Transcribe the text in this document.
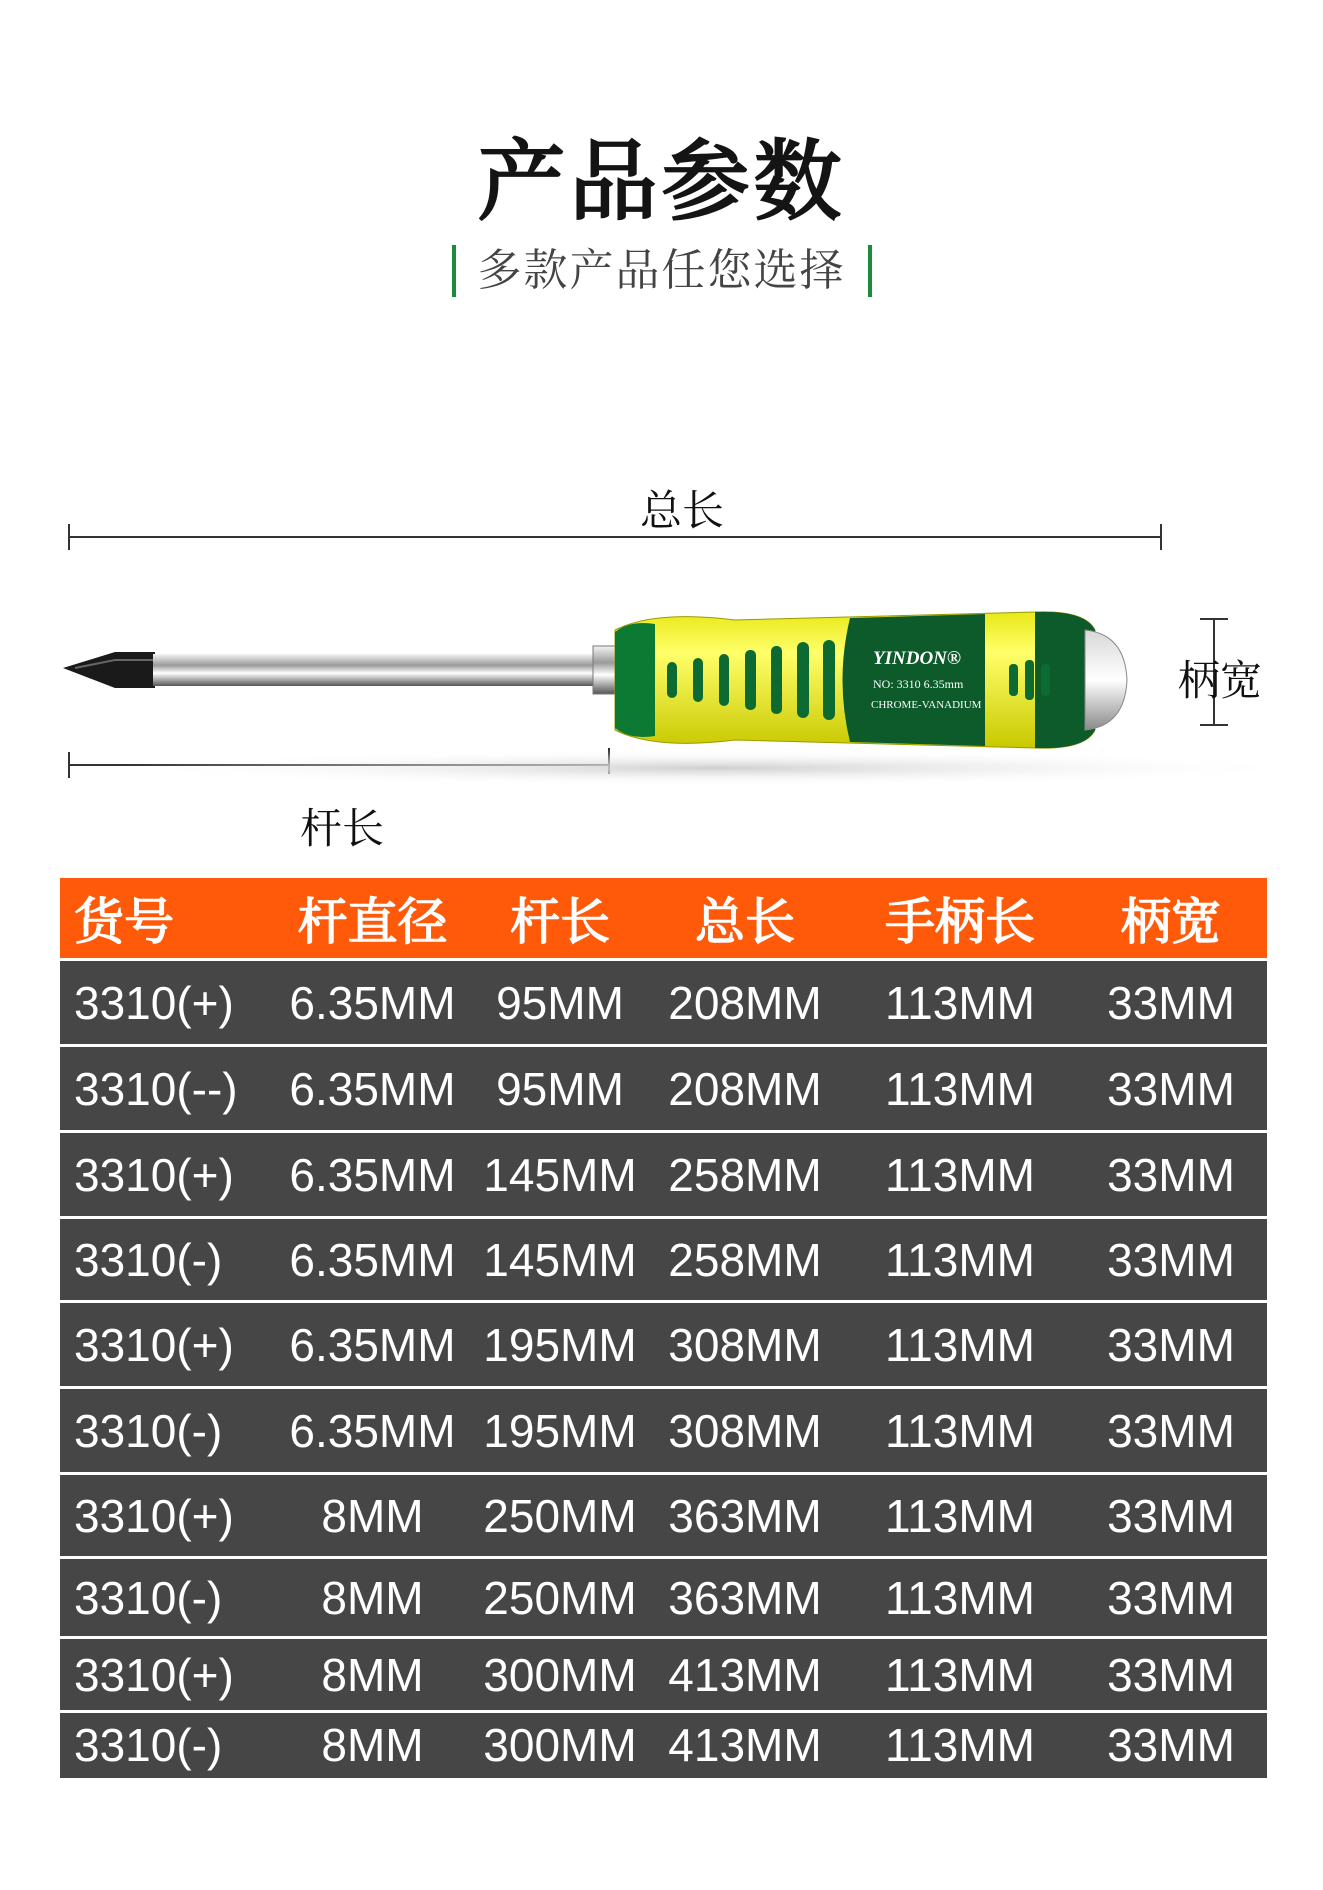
产品参数
多款产品任您选择
总长
杆长
柄宽
YINDON®
NO: 3310 6.35mm
CHROME-VANADIUM
货号	杆直径	杆长	总长	手柄长	柄宽
3310(+)	6.35MM	95MM	208MM	113MM	33MM
3310(--)	6.35MM	95MM	208MM	113MM	33MM
3310(+)	6.35MM	145MM	258MM	113MM	33MM
3310(-)	6.35MM	145MM	258MM	113MM	33MM
3310(+)	6.35MM	195MM	308MM	113MM	33MM
3310(-)	6.35MM	195MM	308MM	113MM	33MM
3310(+)	8MM	250MM	363MM	113MM	33MM
3310(-)	8MM	250MM	363MM	113MM	33MM
3310(+)	8MM	300MM	413MM	113MM	33MM
3310(-)	8MM	300MM	413MM	113MM	33MM
